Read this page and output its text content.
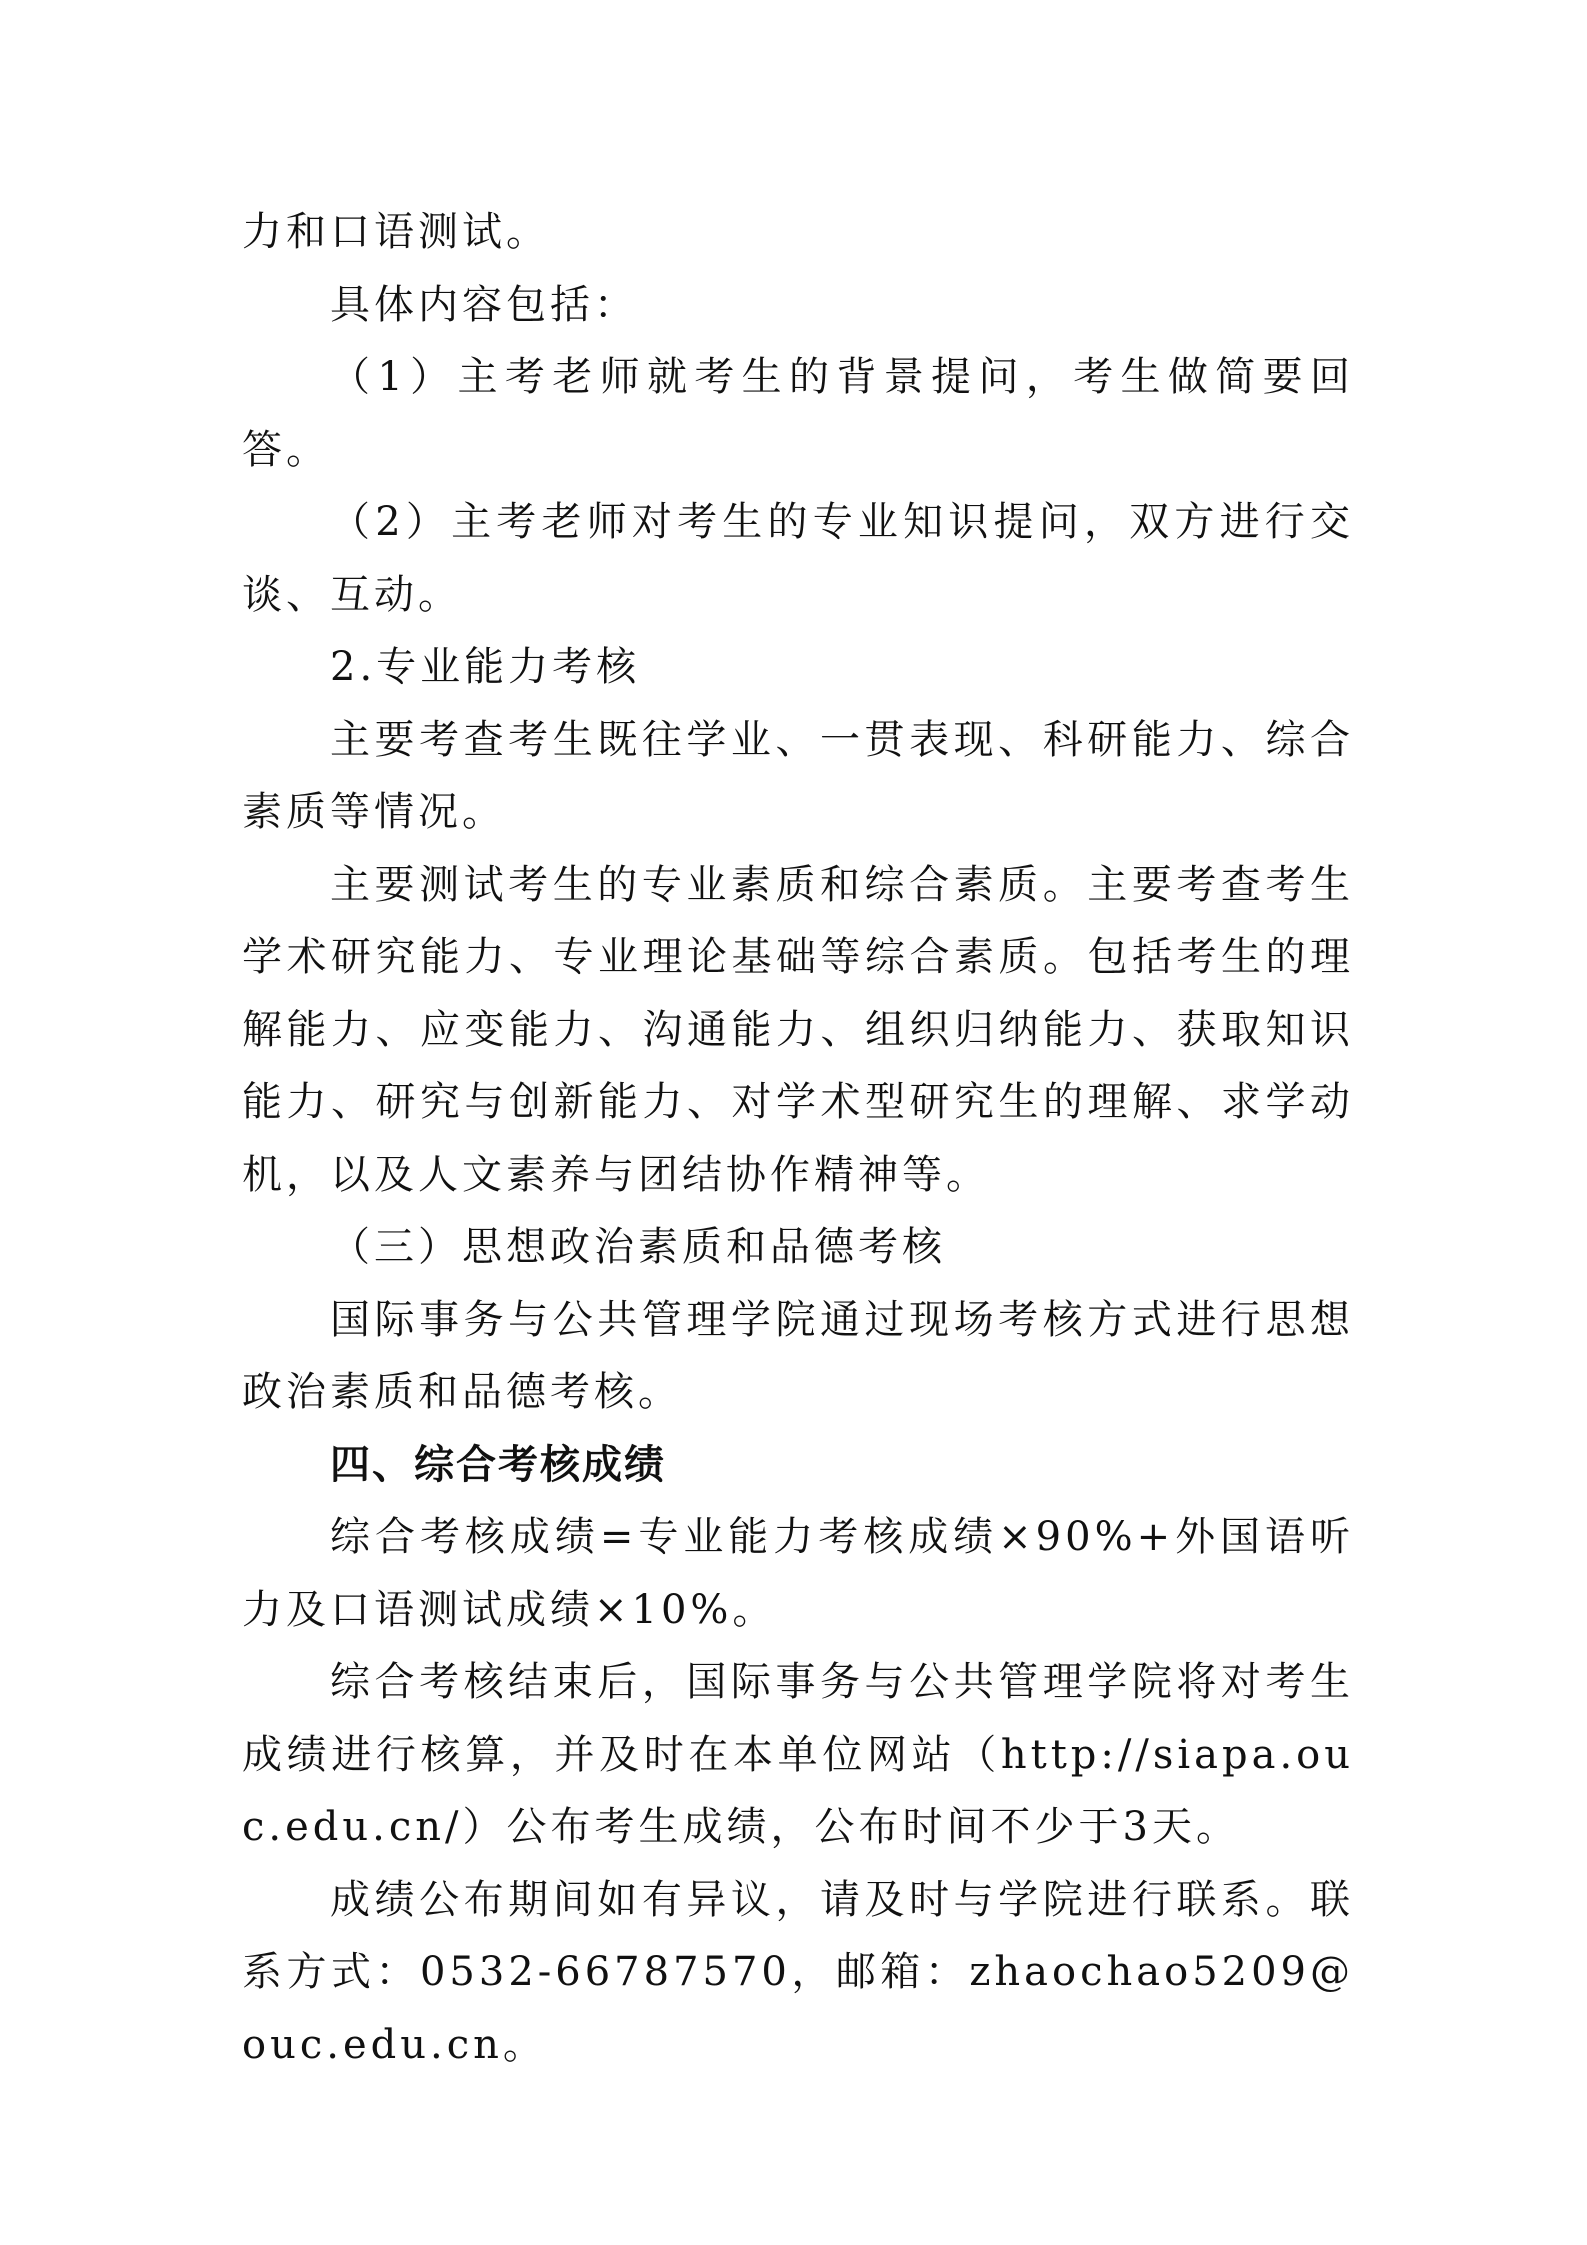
力和口语测试。

具体内容包括：

（1）主考老师就考生的背景提问，考生做简要回答。

（2）主考老师对考生的专业知识提问，双方进行交谈、互动。

2.专业能力考核

主要考查考生既往学业、一贯表现、科研能力、综合素质等情况。

主要测试考生的专业素质和综合素质。主要考查考生学术研究能力、专业理论基础等综合素质。包括考生的理解能力、应变能力、沟通能力、组织归纳能力、获取知识能力、研究与创新能力、对学术型研究生的理解、求学动机，以及人文素养与团结协作精神等。

（三）思想政治素质和品德考核

国际事务与公共管理学院通过现场考核方式进行思想政治素质和品德考核。

四、综合考核成绩

综合考核成绩=专业能力考核成绩×90%+外国语听力及口语测试成绩×10%。

综合考核结束后，国际事务与公共管理学院将对考生成绩进行核算，并及时在本单位网站（http://siapa.ouc.edu.cn/）公布考生成绩，公布时间不少于3天。

成绩公布期间如有异议，请及时与学院进行联系。联系方式：0532-66787570，邮箱：zhaochao5209@ouc.edu.cn。
